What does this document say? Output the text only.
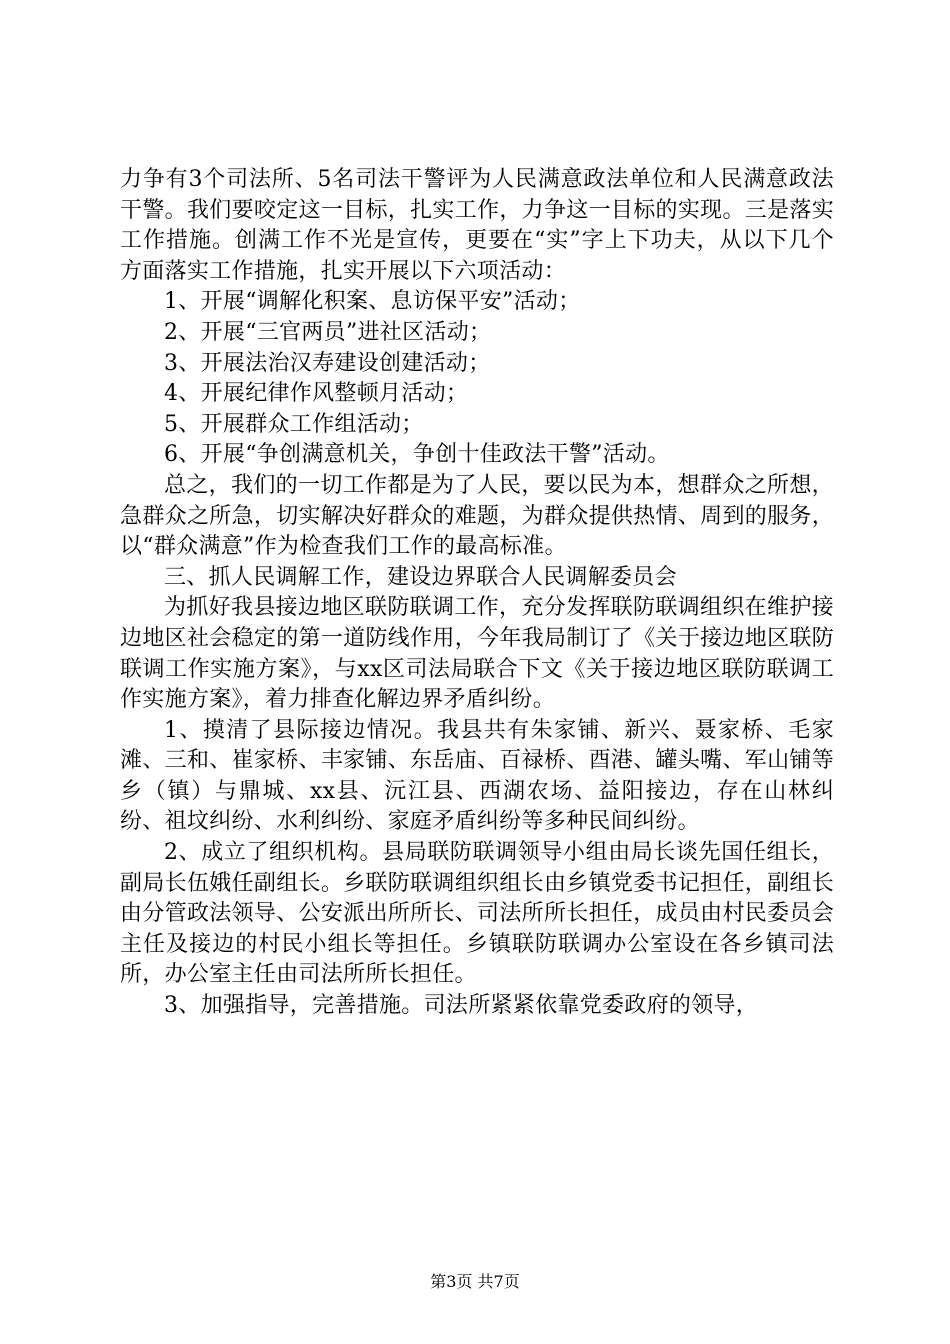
力争有3个司法所、5名司法干警评为人民满意政法单位和人民满意政法干警。我们要咬定这一目标，扎实工作，力争这一目标的实现。三是落实工作措施。创满工作不光是宣传，更要在“实”字上下功夫，从以下几个方面落实工作措施，扎实开展以下六项活动：

1、开展“调解化积案、息访保平安”活动；

2、开展“三官两员”进社区活动；

3、开展法治汉寿建设创建活动；

4、开展纪律作风整顿月活动；

5、开展群众工作组活动；

6、开展“争创满意机关，争创十佳政法干警”活动。

总之，我们的一切工作都是为了人民，要以民为本，想群众之所想，急群众之所急，切实解决好群众的难题，为群众提供热情、周到的服务，以“群众满意”作为检查我们工作的最高标准。

三、抓人民调解工作，建设边界联合人民调解委员会

为抓好我县接边地区联防联调工作，充分发挥联防联调组织在维护接边地区社会稳定的第一道防线作用，今年我局制订了《关于接边地区联防联调工作实施方案》，与xx区司法局联合下文《关于接边地区联防联调工作实施方案》，着力排查化解边界矛盾纠纷。

1、摸清了县际接边情况。我县共有朱家铺、新兴、聂家桥、毛家滩、三和、崔家桥、丰家铺、东岳庙、百禄桥、酉港、罐头嘴、军山铺等乡（镇）与鼎城、xx县、沅江县、西湖农场、益阳接边，存在山林纠纷、祖坟纠纷、水利纠纷、家庭矛盾纠纷等多种民间纠纷。

2、成立了组织机构。县局联防联调领导小组由局长谈先国任组长，副局长伍娥任副组长。乡联防联调组织组长由乡镇党委书记担任，副组长由分管政法领导、公安派出所所长、司法所所长担任，成员由村民委员会主任及接边的村民小组长等担任。乡镇联防联调办公室设在各乡镇司法所，办公室主任由司法所所长担任。

3、加强指导，完善措施。司法所紧紧依靠党委政府的领导，

第3页 共7页
